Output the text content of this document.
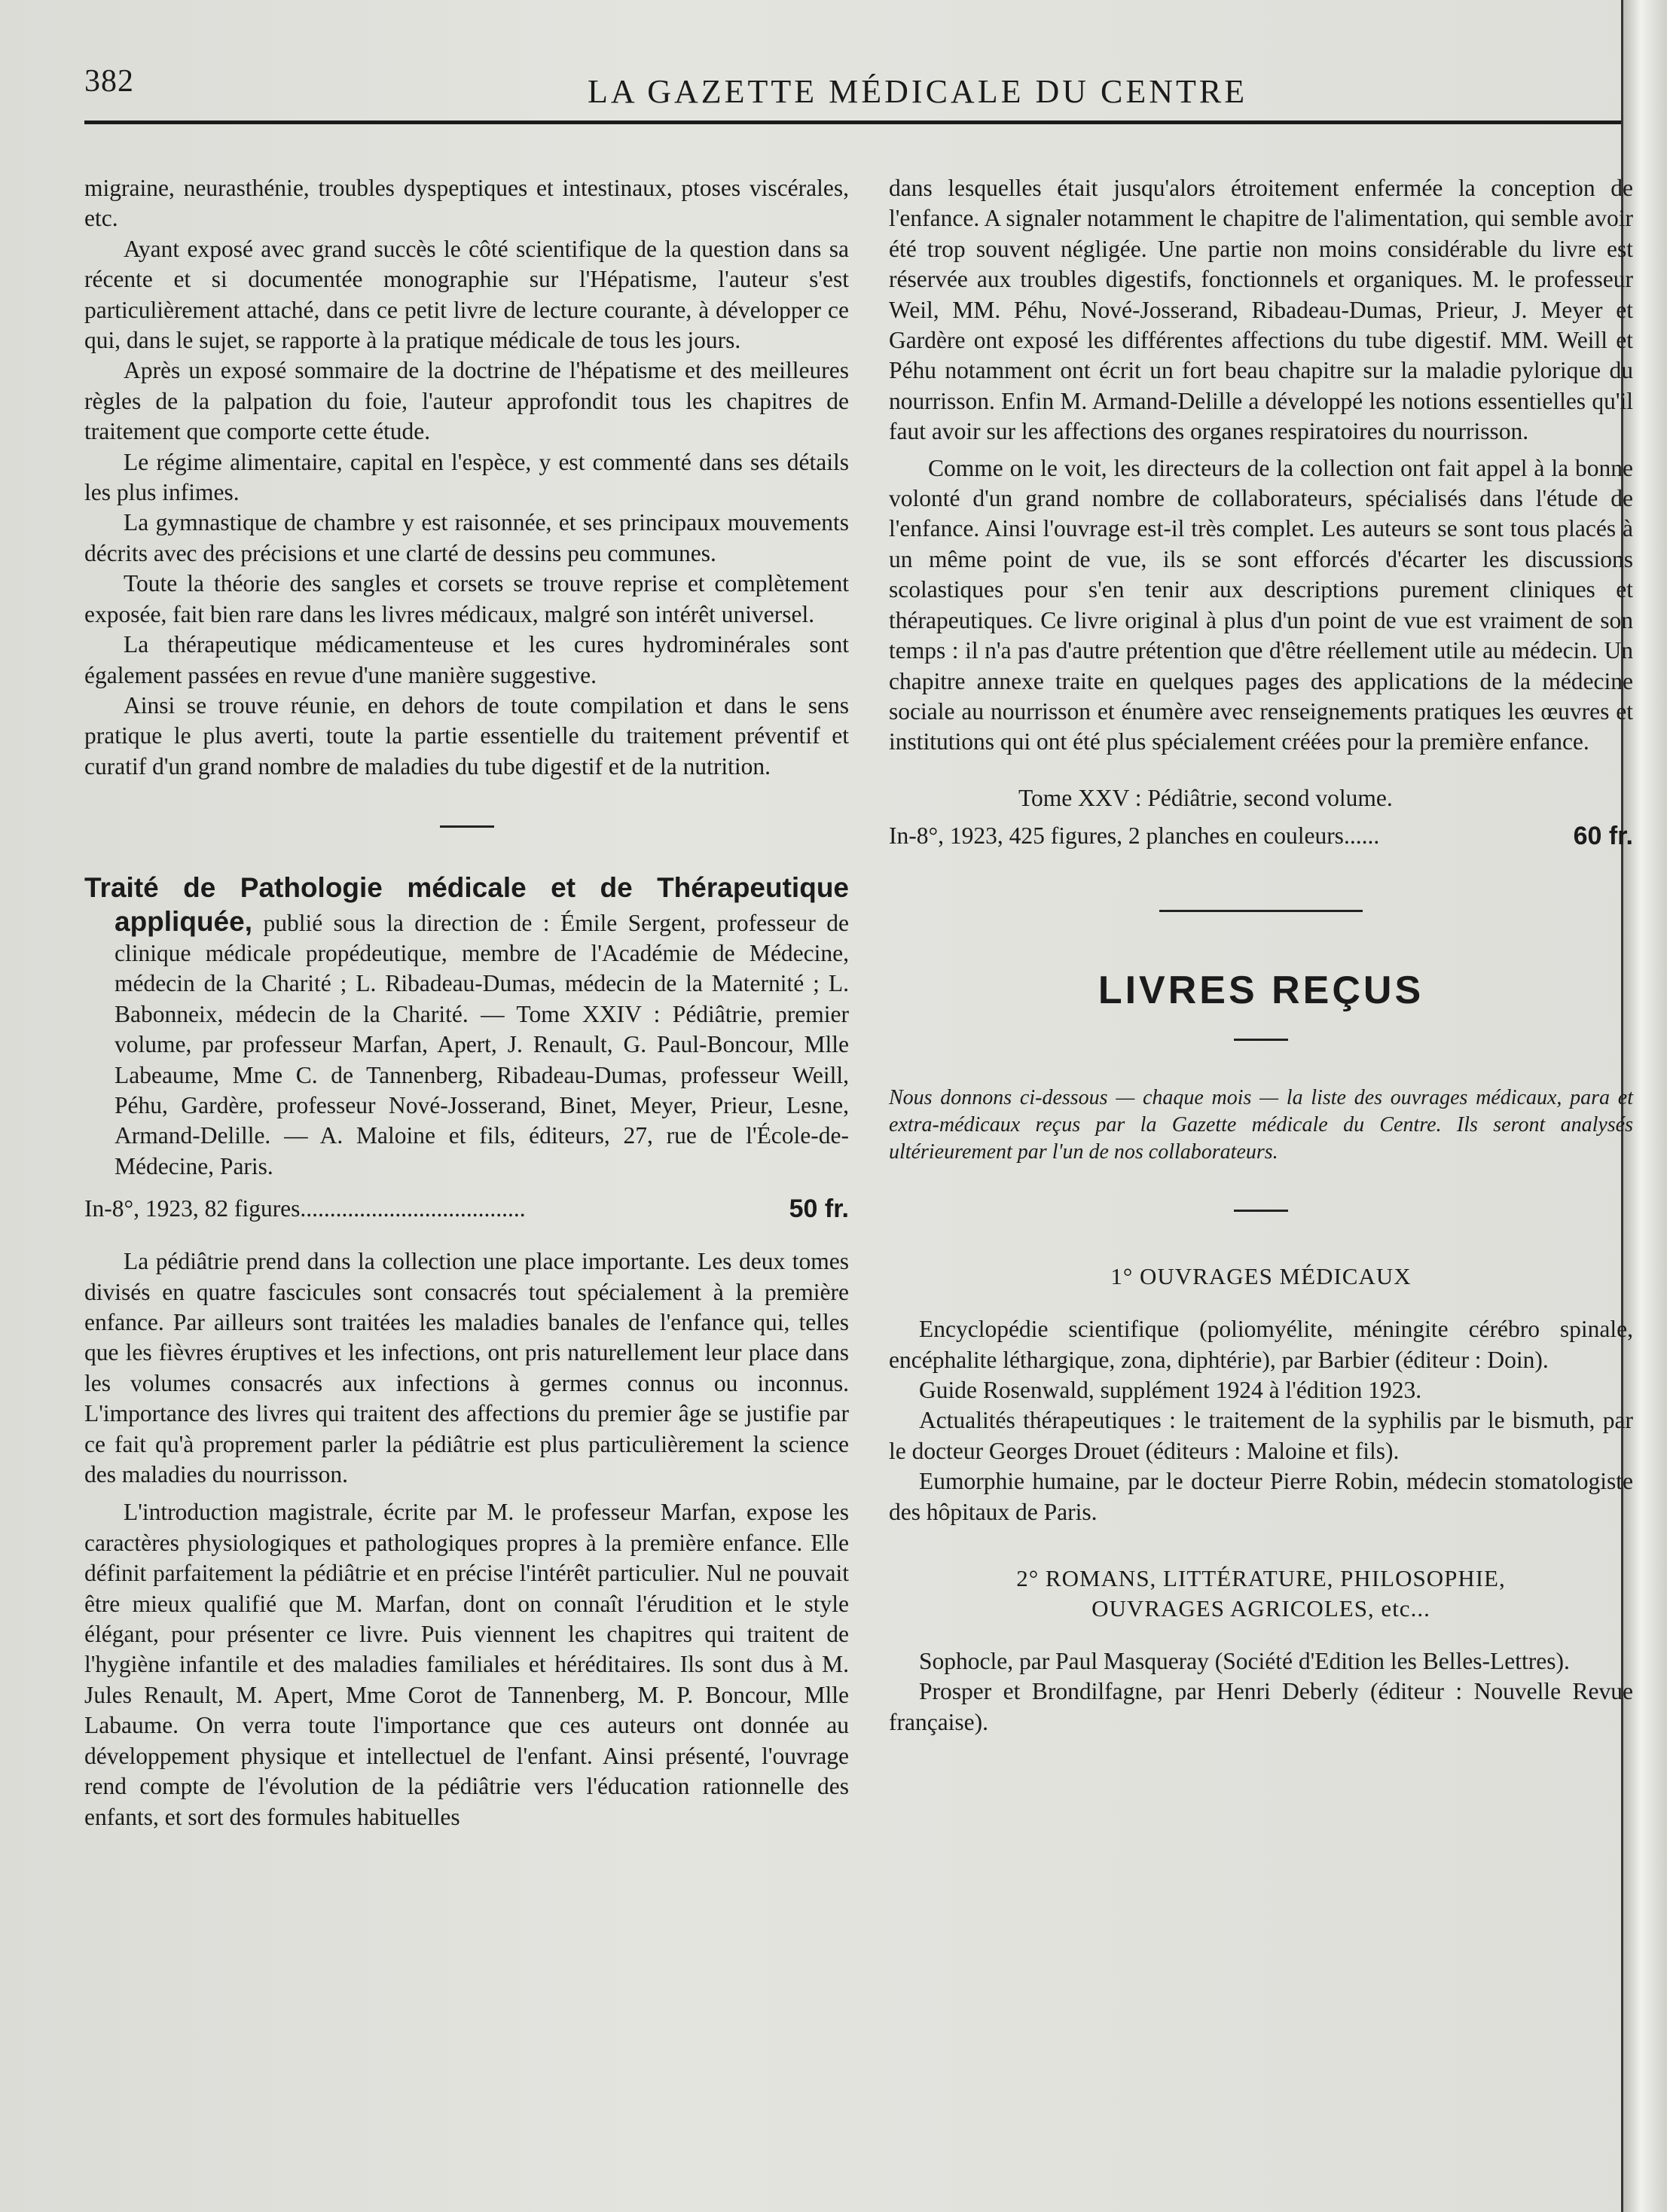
382	LA GAZETTE MÉDICALE DU CENTRE

migraine, neurasthénie, troubles dyspeptiques et intestinaux, ptoses viscérales, etc.

Ayant exposé avec grand succès le côté scientifique de la question dans sa récente et si documentée monographie sur l'Hépatisme, l'auteur s'est particulièrement attaché, dans ce petit livre de lecture courante, à développer ce qui, dans le sujet, se rapporte à la pratique médicale de tous les jours.

Après un exposé sommaire de la doctrine de l'hépatisme et des meilleures règles de la palpation du foie, l'auteur approfondit tous les chapitres de traitement que comporte cette étude.

Le régime alimentaire, capital en l'espèce, y est commenté dans ses détails les plus infimes.

La gymnastique de chambre y est raisonnée, et ses principaux mouvements décrits avec des précisions et une clarté de dessins peu communes.

Toute la théorie des sangles et corsets se trouve reprise et complètement exposée, fait bien rare dans les livres médicaux, malgré son intérêt universel.

La thérapeutique médicamenteuse et les cures hydrominérales sont également passées en revue d'une manière suggestive.

Ainsi se trouve réunie, en dehors de toute compilation et dans le sens pratique le plus averti, toute la partie essentielle du traitement préventif et curatif d'un grand nombre de maladies du tube digestif et de la nutrition.

Traité de Pathologie médicale et de Thérapeutique appliquée, publié sous la direction de : Émile Sergent, professeur de clinique médicale propédeutique, membre de l'Académie de Médecine, médecin de la Charité ; L. Ribadeau-Dumas, médecin de la Maternité ; L. Babonneix, médecin de la Charité. — Tome XXIV : Pédiâtrie, premier volume, par professeur Marfan, Apert, J. Renault, G. Paul-Boncour, Mlle Labeaume, Mme C. de Tannenberg, Ribadeau-Dumas, professeur Weill, Péhu, Gardère, professeur Nové-Josserand, Binet, Meyer, Prieur, Lesne, Armand-Delille. — A. Maloine et fils, éditeurs, 27, rue de l'École-de-Médecine, Paris.
In-8°, 1923, 82 figures......................................	50 fr.

La pédiâtrie prend dans la collection une place importante. Les deux tomes divisés en quatre fascicules sont consacrés tout spécialement à la première enfance. Par ailleurs sont traitées les maladies banales de l'enfance qui, telles que les fièvres éruptives et les infections, ont pris naturellement leur place dans les volumes consacrés aux infections à germes connus ou inconnus. L'importance des livres qui traitent des affections du premier âge se justifie par ce fait qu'à proprement parler la pédiâtrie est plus particulièrement la science des maladies du nourrisson.

L'introduction magistrale, écrite par M. le professeur Marfan, expose les caractères physiologiques et pathologiques propres à la première enfance. Elle définit parfaitement la pédiâtrie et en précise l'intérêt particulier. Nul ne pouvait être mieux qualifié que M. Marfan, dont on connaît l'érudition et le style élégant, pour présenter ce livre. Puis viennent les chapitres qui traitent de l'hygiène infantile et des maladies familiales et héréditaires. Ils sont dus à M. Jules Renault, M. Apert, Mme Corot de Tannenberg, M. P. Boncour, Mlle Labaume. On verra toute l'importance que ces auteurs ont donnée au développement physique et intellectuel de l'enfant. Ainsi présenté, l'ouvrage rend compte de l'évolution de la pédiâtrie vers l'éducation rationnelle des enfants, et sort des formules habituelles

dans lesquelles était jusqu'alors étroitement enfermée la conception de l'enfance. A signaler notamment le chapitre de l'alimentation, qui semble avoir été trop souvent négligée. Une partie non moins considérable du livre est réservée aux troubles digestifs, fonctionnels et organiques. M. le professeur Weil, MM. Péhu, Nové-Josserand, Ribadeau-Dumas, Prieur, J. Meyer et Gardère ont exposé les différentes affections du tube digestif. MM. Weill et Péhu notamment ont écrit un fort beau chapitre sur la maladie pylorique du nourrisson. Enfin M. Armand-Delille a développé les notions essentielles qu'il faut avoir sur les affections des organes respiratoires du nourrisson.

Comme on le voit, les directeurs de la collection ont fait appel à la bonne volonté d'un grand nombre de collaborateurs, spécialisés dans l'étude de l'enfance. Ainsi l'ouvrage est-il très complet. Les auteurs se sont tous placés à un même point de vue, ils se sont efforcés d'écarter les discussions scolastiques pour s'en tenir aux descriptions purement cliniques et thérapeutiques. Ce livre original à plus d'un point de vue est vraiment de son temps : il n'a pas d'autre prétention que d'être réellement utile au médecin. Un chapitre annexe traite en quelques pages des applications de la médecine sociale au nourrisson et énumère avec renseignements pratiques les œuvres et institutions qui ont été plus spécialement créées pour la première enfance.

Tome XXV : Pédiâtrie, second volume.

In-8°, 1923, 425 figures, 2 planches en couleurs......	60 fr.
LIVRES REÇUS

Nous donnons ci-dessous — chaque mois — la liste des ouvrages médicaux, para et extra-médicaux reçus par la Gazette médicale du Centre. Ils seront analysés ultérieurement par l'un de nos collaborateurs.

1° OUVRAGES MÉDICAUX

Encyclopédie scientifique (poliomyélite, méningite cérébro spinale, encéphalite léthargique, zona, diphtérie), par Barbier (éditeur : Doin).

Guide Rosenwald, supplément 1924 à l'édition 1923.

Actualités thérapeutiques : le traitement de la syphilis par le bismuth, par le docteur Georges Drouet (éditeurs : Maloine et fils).

Eumorphie humaine, par le docteur Pierre Robin, médecin stomatologiste des hôpitaux de Paris.

2° ROMANS, LITTÉRATURE, PHILOSOPHIE,

OUVRAGES AGRICOLES, etc...

Sophocle, par Paul Masqueray (Société d'Edition les Belles-Lettres).

Prosper et Brondilfagne, par Henri Deberly (éditeur : Nouvelle Revue française).
